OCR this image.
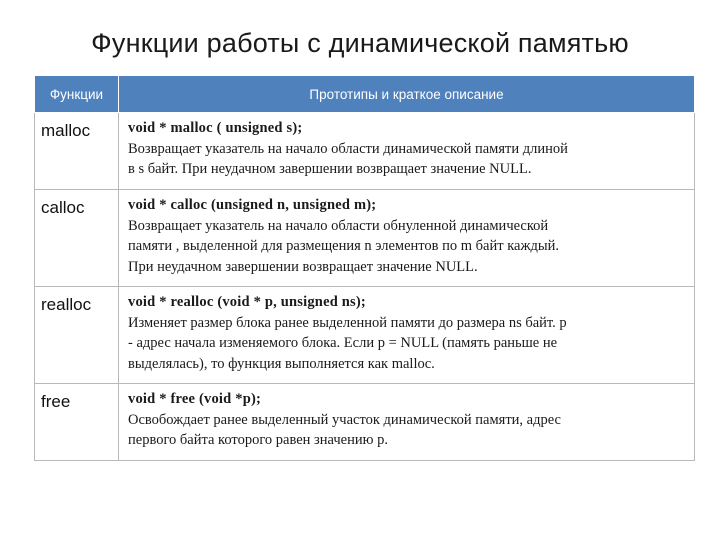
Функции работы с динамической памятью
Функции	Прототипы и краткое описание
malloc	void * malloc ( unsigned s);
Возвращает указатель на начало области динамической памяти длиной
в s байт. При неудачном завершении возвращает значение NULL.

calloc	void * calloc (unsigned n, unsigned m);
Возвращает указатель на начало области обнуленной динамической
памяти , выделенной для размещения n элементов по m байт каждый.
При неудачном завершении возвращает значение NULL.

realloc	void * realloc (void * p, unsigned ns);
Изменяет размер блока ранее выделенной памяти до размера ns байт. p
- адрес начала изменяемого блока. Если p = NULL (память раньше не
выделялась), то функция выполняется как malloc.

free	void * free (void *p);
Освобождает ранее выделенный участок динамической памяти, адрес
первого байта которого равен значению p.
